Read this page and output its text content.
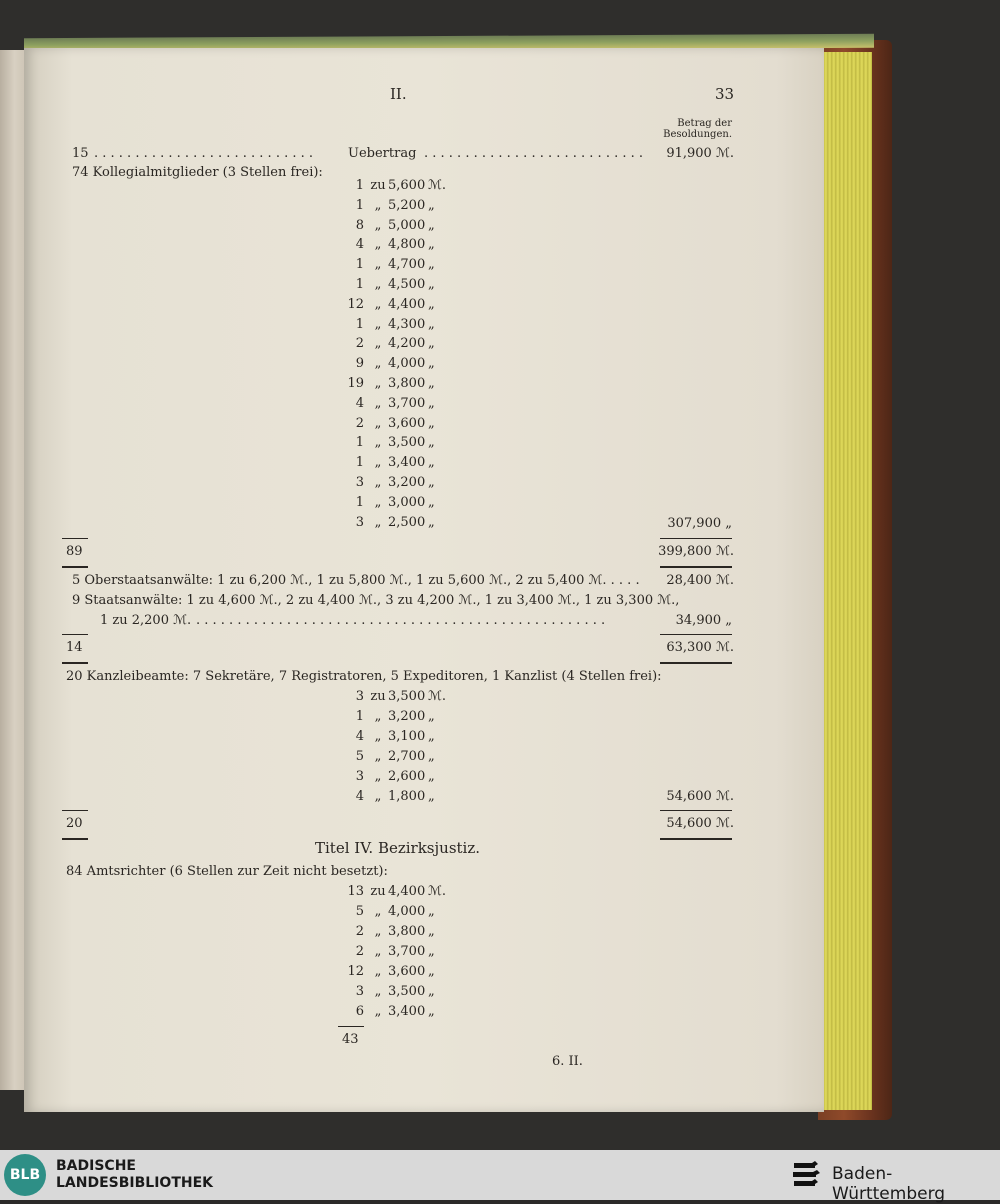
II.	33
Betrag der
Besoldungen.
15 . . . . . . . . . . . . . . . . . . . . . . . . . . .	Uebertrag . . . . . . . . . . . . . . . . . . . . . . . . . . .	91,900 ℳ.
74 Kollegialmitglieder (3 Stellen frei):
1 zu 5,600 ℳ.
1 „ 5,200 „
8 „ 5,000 „
4 „ 4,800 „
1 „ 4,700 „
1 „ 4,500 „
12 „ 4,400 „
1 „ 4,300 „
2 „ 4,200 „
9 „ 4,000 „
19 „ 3,800 „
4 „ 3,700 „
2 „ 3,600 „
1 „ 3,500 „
1 „ 3,400 „
3 „ 3,200 „
1 „ 3,000 „
3 „ 2,500 „	307,900 „
89	399,800 ℳ.
5 Oberstaatsanwälte: 1 zu 6,200 ℳ., 1 zu 5,800 ℳ., 1 zu 5,600 ℳ., 2 zu 5,400 ℳ. . . . .	28,400 ℳ.
9 Staatsanwälte: 1 zu 4,600 ℳ., 2 zu 4,400 ℳ., 3 zu 4,200 ℳ., 1 zu 3,400 ℳ., 1 zu 3,300 ℳ.,
1 zu 2,200 ℳ. . . . . . . . . . . . . . . . . . . . . . . . . . . . . . . . . . . . . . . . . . . . . . . . . . .	34,900 „
14	63,300 ℳ.
20 Kanzleibeamte: 7 Sekretäre, 7 Registratoren, 5 Expeditoren, 1 Kanzlist (4 Stellen frei):
3 zu 3,500 ℳ.
1 „ 3,200 „
4 „ 3,100 „
5 „ 2,700 „
3 „ 2,600 „
4 „ 1,800 „	54,600 ℳ.
20	54,600 ℳ.
Titel IV. Bezirksjustiz.
84 Amtsrichter (6 Stellen zur Zeit nicht besetzt):
13 zu 4,400 ℳ.
5 „ 4,000 „
2 „ 3,800 „
2 „ 3,700 „
12 „ 3,600 „
3 „ 3,500 „
6 „ 3,400 „
43
6. II.
BLB
BADISCHE
LANDESBIBLIOTHEK	Baden-Württemberg
